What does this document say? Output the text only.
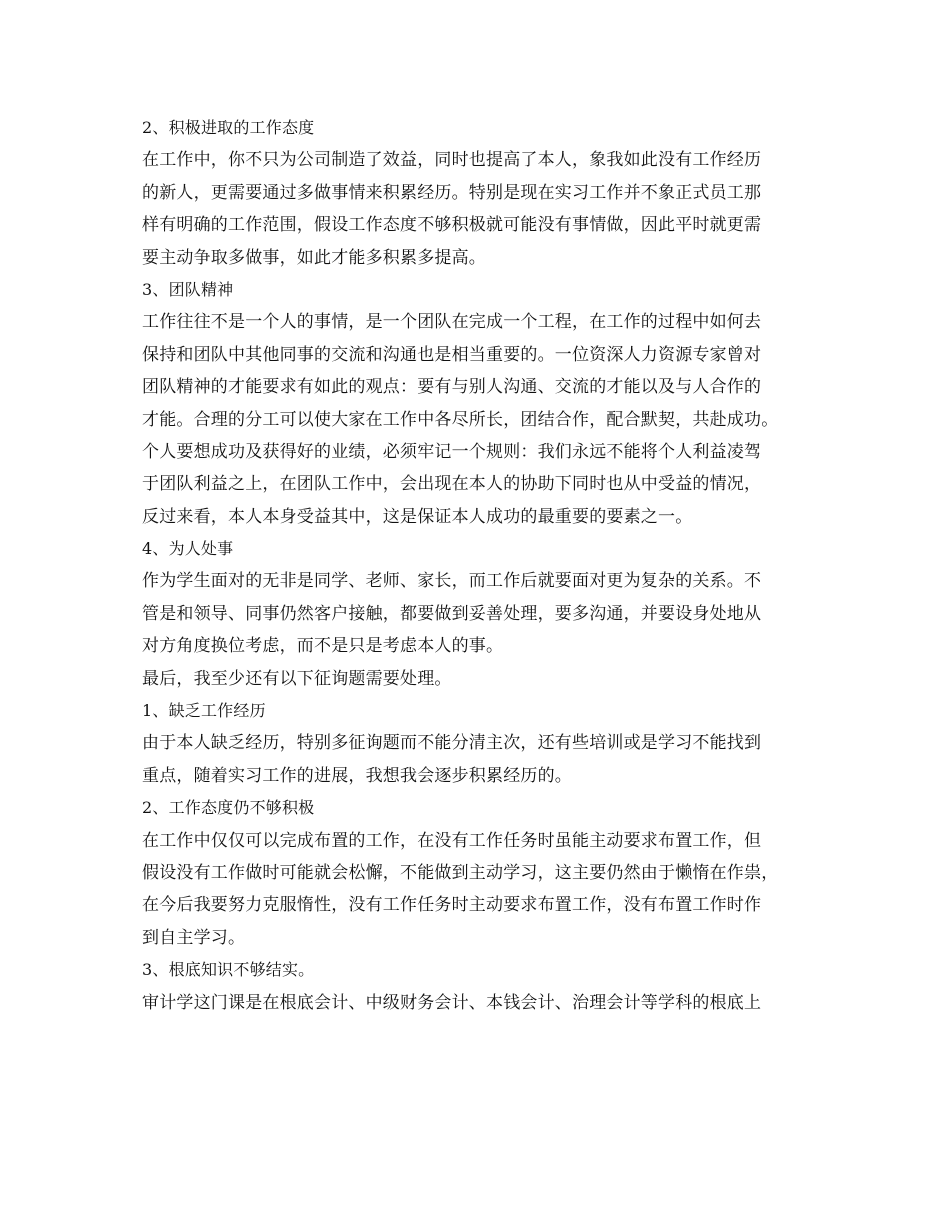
2、积极进取的工作态度
在工作中，你不只为公司制造了效益，同时也提高了本人，象我如此没有工作经历
的新人，更需要通过多做事情来积累经历。特别是现在实习工作并不象正式员工那
样有明确的工作范围，假设工作态度不够积极就可能没有事情做，因此平时就更需
要主动争取多做事，如此才能多积累多提高。
3、团队精神
工作往往不是一个人的事情，是一个团队在完成一个工程，在工作的过程中如何去
保持和团队中其他同事的交流和沟通也是相当重要的。一位资深人力资源专家曾对
团队精神的才能要求有如此的观点：要有与别人沟通、交流的才能以及与人合作的
才能。合理的分工可以使大家在工作中各尽所长，团结合作，配合默契，共赴成功。
个人要想成功及获得好的业绩，必须牢记一个规则：我们永远不能将个人利益凌驾
于团队利益之上，在团队工作中，会出现在本人的协助下同时也从中受益的情况，
反过来看，本人本身受益其中，这是保证本人成功的最重要的要素之一。
4、为人处事
作为学生面对的无非是同学、老师、家长，而工作后就要面对更为复杂的关系。不
管是和领导、同事仍然客户接触，都要做到妥善处理，要多沟通，并要设身处地从
对方角度换位考虑，而不是只是考虑本人的事。
最后，我至少还有以下征询题需要处理。
1、缺乏工作经历
由于本人缺乏经历，特别多征询题而不能分清主次，还有些培训或是学习不能找到
重点，随着实习工作的进展，我想我会逐步积累经历的。
2、工作态度仍不够积极
在工作中仅仅可以完成布置的工作，在没有工作任务时虽能主动要求布置工作，但
假设没有工作做时可能就会松懈，不能做到主动学习，这主要仍然由于懒惰在作祟，
在今后我要努力克服惰性，没有工作任务时主动要求布置工作，没有布置工作时作
到自主学习。
3、根底知识不够结实。
审计学这门课是在根底会计、中级财务会计、本钱会计、治理会计等学科的根底上
